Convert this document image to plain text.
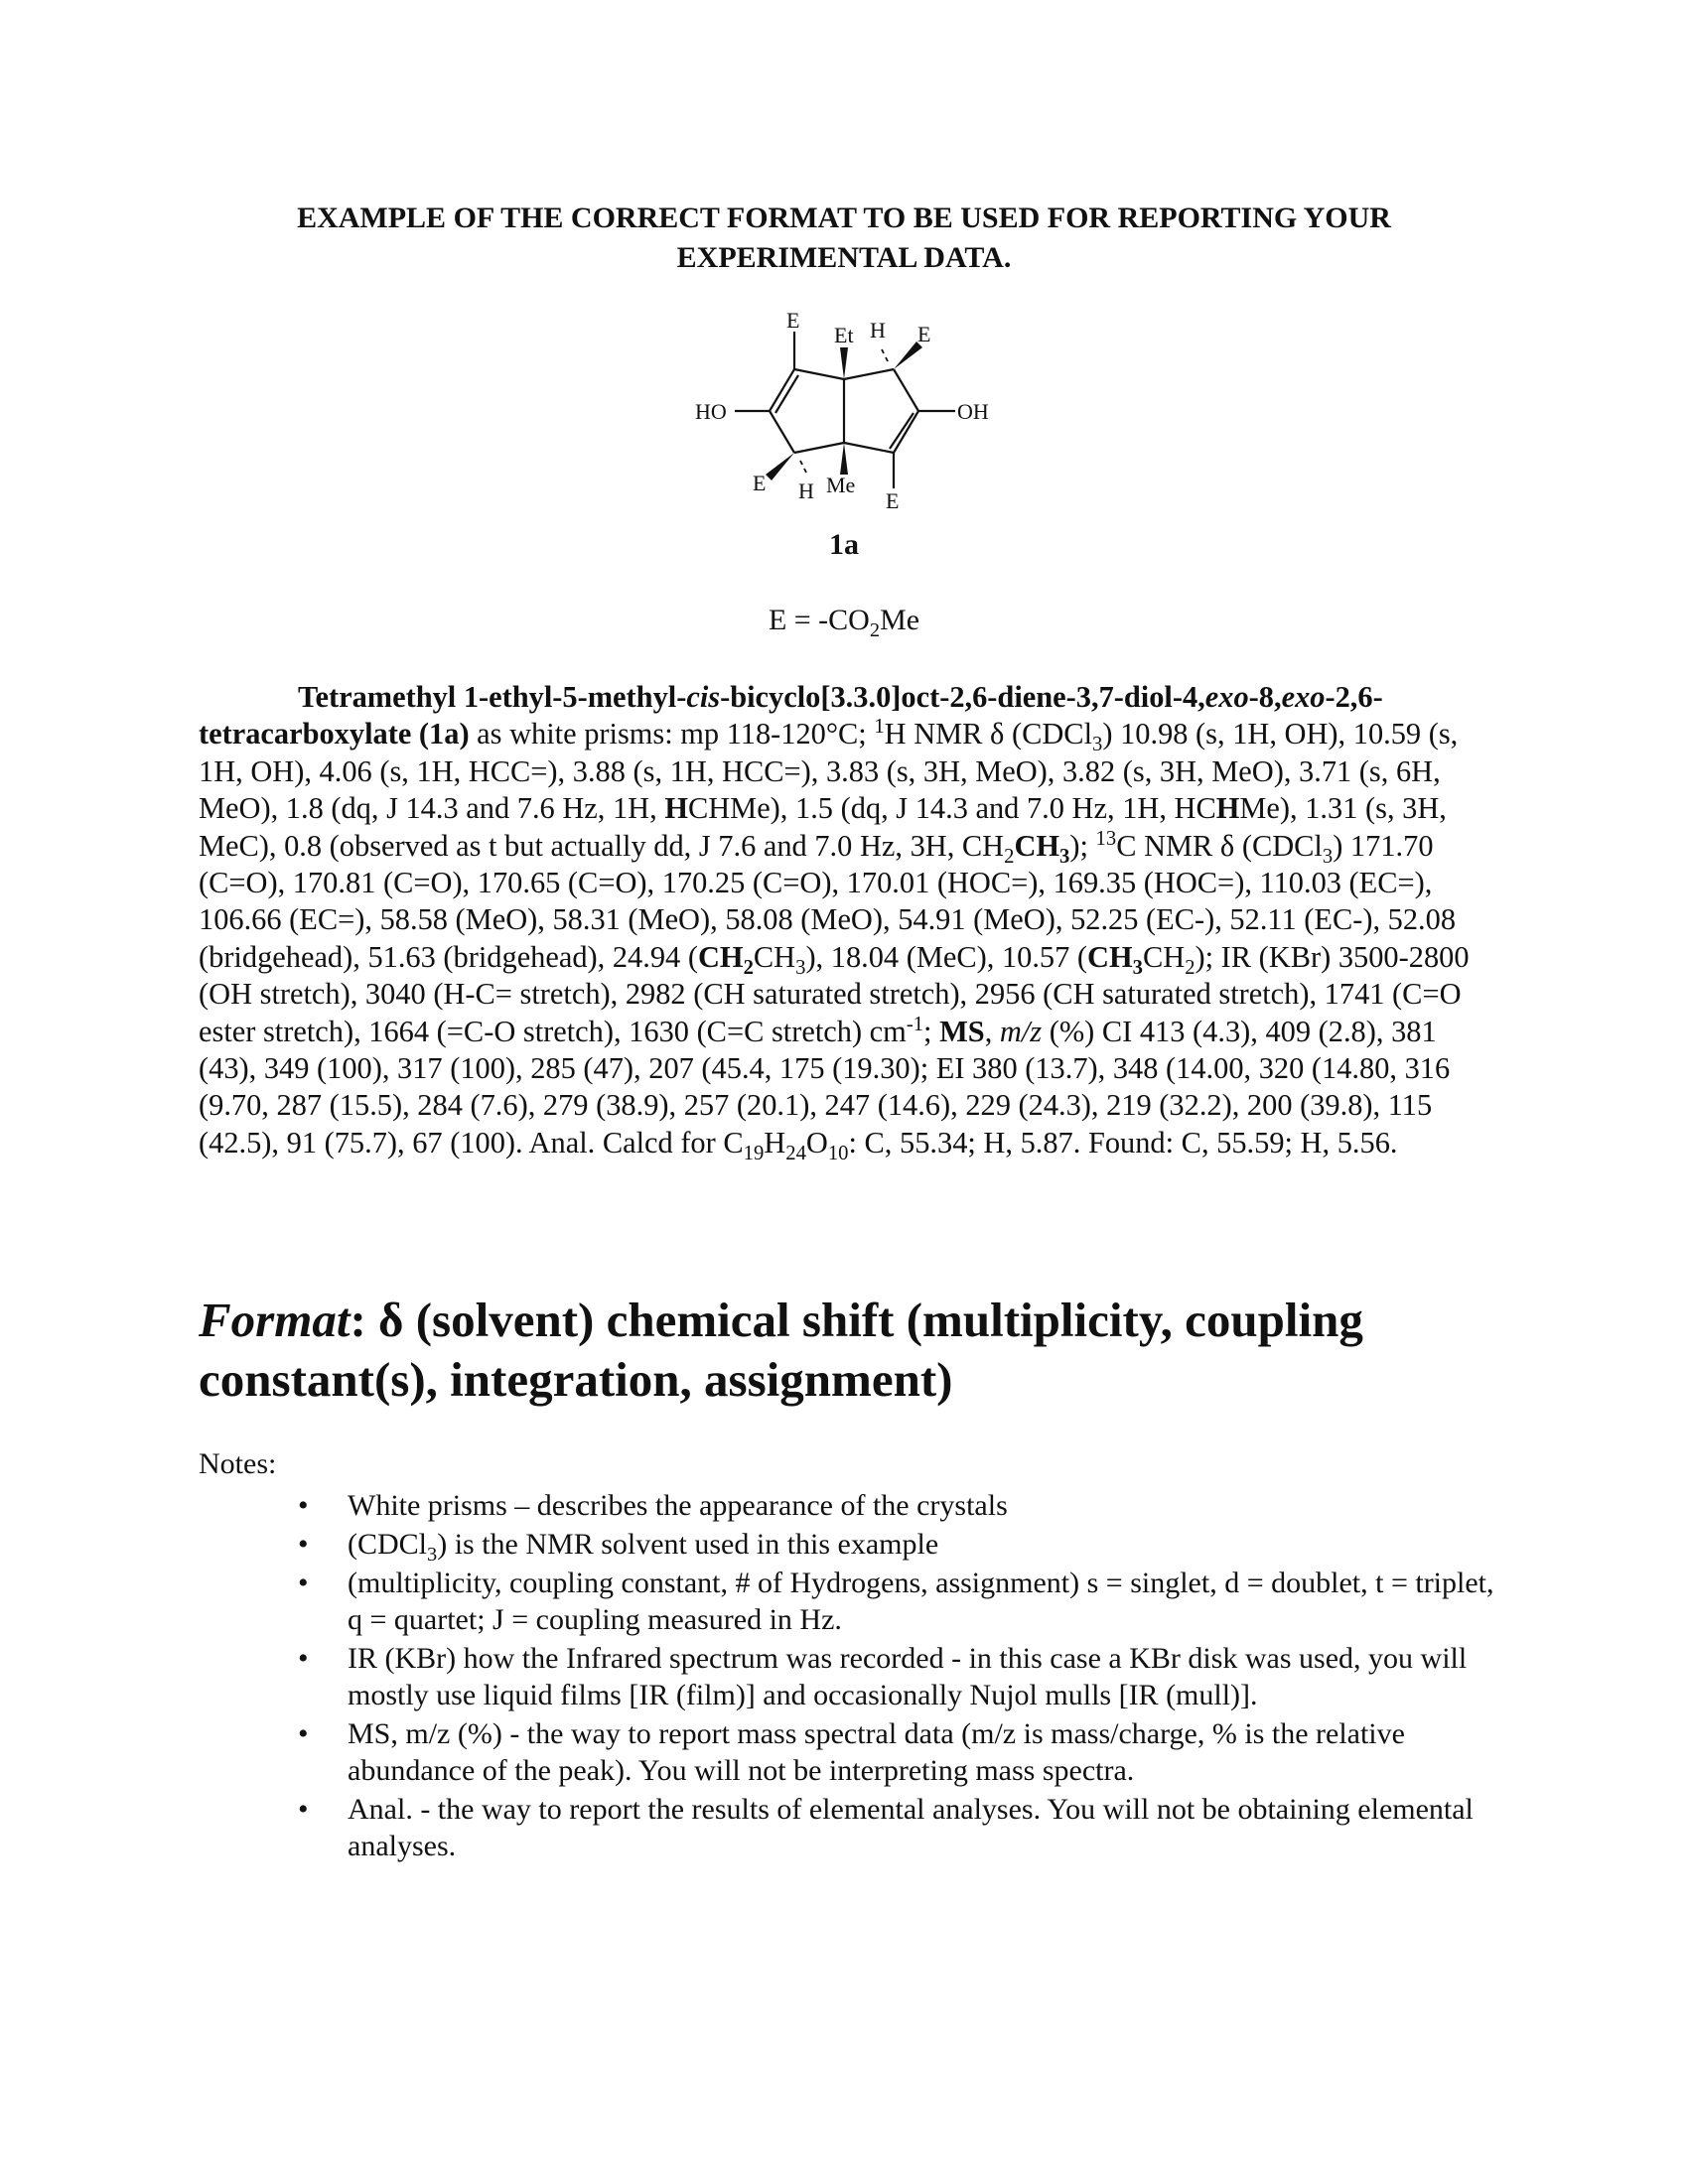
EXAMPLE OF THE CORRECT FORMAT TO BE USED FOR REPORTING YOUR
EXPERIMENTAL DATA.
E
Et H E
HO	OH
E H Me
E
1a
$E = -CO_2Me$

Tetramethyl 1-ethyl-5-methyl-cis-bicyclo[3.3.0]oct-2,6-diene-3,7-diol-4,exo-8,exo-2,6-tetracarboxylate (1a) as white prisms: mp 118-120°C; $^1$H NMR δ (CDCl$_3$) 10.98 (s, 1H, OH), 10.59 (s, 1H, OH), 4.06 (s, 1H, HCC=), 3.88 (s, 1H, HCC=), 3.83 (s, 3H, MeO), 3.82 (s, 3H, MeO), 3.71 (s, 6H, MeO), 1.8 (dq, J 14.3 and 7.6 Hz, 1H, HCHMe), 1.5 (dq, J 14.3 and 7.0 Hz, 1H, HCHMe), 1.31 (s, 3H, MeC), 0.8 (observed as t but actually dd, J 7.6 and 7.0 Hz, 3H, $CH_2CH_3$); $^{13}$C NMR δ (CDCl$_3$) 171.70 (C=O), 170.81 (C=O), 170.65 (C=O), 170.25 (C=O), 170.01 (HOC=), 169.35 (HOC=), 110.03 (EC=), 106.66 (EC=), 58.58 (MeO), 58.31 (MeO), 58.08 (MeO), 54.91 (MeO), 52.25 (EC-), 52.11 (EC-), 52.08 (bridgehead), 51.63 (bridgehead), 24.94 $(CH_2CH_3)$, 18.04 (MeC), 10.57 $(CH_3CH_2)$; IR (KBr) 3500-2800 (OH stretch), 3040 (H-C= stretch), 2982 (CH saturated stretch), 2956 (CH saturated stretch), 1741 (C=O ester stretch), 1664 (=C-O stretch), 1630 (C=C stretch) $cm^{-1}$; MS, m/z (%) CI 413 (4.3), 409 (2.8), 381 (43), 349 (100), 317 (100), 285 (47), 207 (45.4, 175 (19.30); EI 380 (13.7), 348 (14.00, 320 (14.80, 316 (9.70, 287 (15.5), 284 (7.6), 279 (38.9), 257 (20.1), 247 (14.6), 229 (24.3), 219 (32.2), 200 (39.8), 115 (42.5), 91 (75.7), 67 (100). Anal. Calcd for $C_{19}H_{24}O_{10}$: C, 55.34; H, 5.87. Found: C, 55.59; H, 5.56.

Format: δ (solvent) chemical shift (multiplicity, coupling constant(s), integration, assignment)
Notes:
• White prisms – describes the appearance of the crystals
• (CDCl$_3$) is the NMR solvent used in this example
• (multiplicity, coupling constant, # of Hydrogens, assignment) s = singlet, d = doublet, t = triplet, q = quartet; J = coupling measured in Hz.
• IR (KBr) how the Infrared spectrum was recorded - in this case a KBr disk was used, you will mostly use liquid films [IR (film)] and occasionally Nujol mulls [IR (mull)].
• MS, m/z (%) - the way to report mass spectral data (m/z is mass/charge, % is the relative abundance of the peak). You will not be interpreting mass spectra.
• Anal. - the way to report the results of elemental analyses. You will not be obtaining elemental analyses.
